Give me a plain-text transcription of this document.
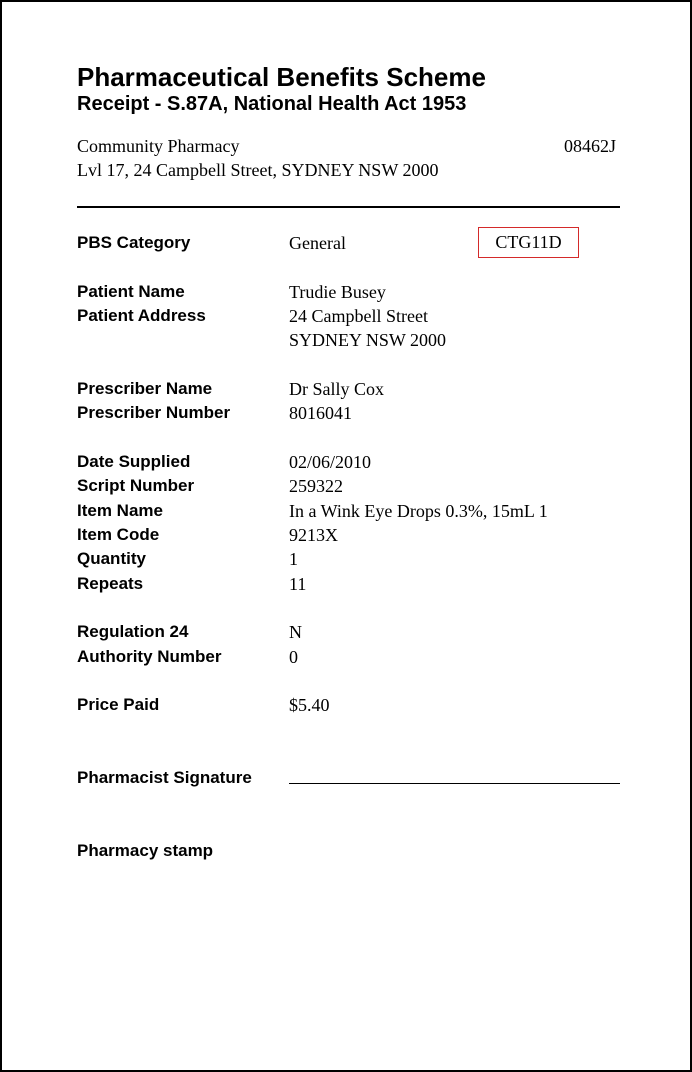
Pharmaceutical Benefits Scheme
Receipt - S.87A, National Health Act 1953
Community Pharmacy	08462J
Lvl 17, 24 Campbell Street, SYDNEY NSW 2000
PBS Category	General	CTG11D
Patient Name	Trudie Busey
Patient Address	24 Campbell Street
SYDNEY NSW 2000
Prescriber Name	Dr Sally Cox
Prescriber Number	8016041
Date Supplied	02/06/2010
Script Number	259322
Item Name	In a Wink Eye Drops 0.3%, 15mL 1
Item Code	9213X
Quantity	1
Repeats	11
Regulation 24	N
Authority Number	0
Price Paid	$5.40
Pharmacist Signature
Pharmacy stamp
